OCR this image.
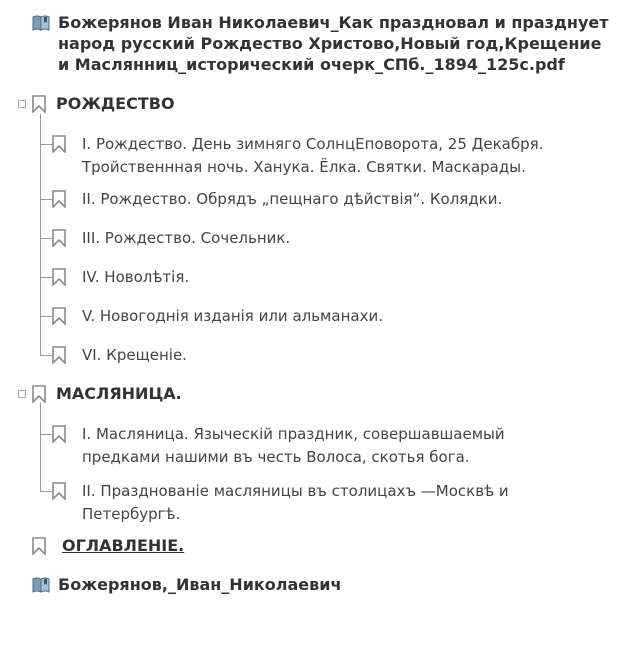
Божерянов Иван Николаевич_Как праздновал и празднует народ русский Рождество Христово,Новый год,Крещение и Маслянниц_исторический очерк_СПб._1894_125с.pdf
РОЖДЕСТВО
I. Рождество. День зимняго СолнцЕповорота, 25 Декабря. Тройственнная ночь. Ханука. Ёлка. Святки. Маскарады.
II. Рождество. Обрядъ „пещнаго дѣйствія“. Колядки.
III. Рождество. Сочельник.
IV. Новолѣтія.
V. Новогоднія изданія или альманахи.
VI. Крещеніе.
МАСЛЯНИЦА.
I. Масляница. Языческій праздник, совершавшаемый предками нашими въ честь Волоса, скотья бога.
II. Празднованіе масляницы въ столицахъ —Москвѣ и Петербургѣ.
ОГЛАВЛЕНІЕ.
Божерянов,_Иван_Николаевич
